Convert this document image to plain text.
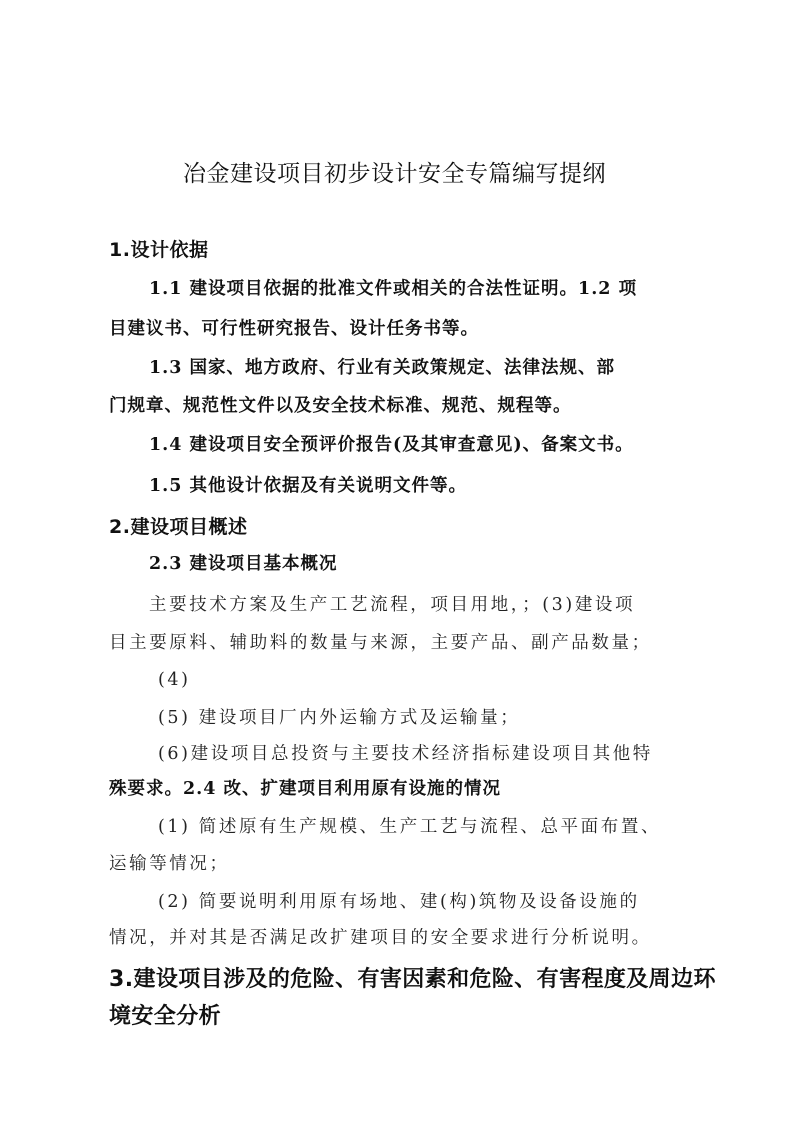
冶金建设项目初步设计安全专篇编写提纲
1.设计依据
1.1 建设项目依据的批准文件或相关的合法性证明。1.2 项
目建议书、可行性研究报告、设计任务书等。
1.3 国家、地方政府、行业有关政策规定、法律法规、部
门规章、规范性文件以及安全技术标准、规范、规程等。
1.4 建设项目安全预评价报告(及其审查意见)、备案文书。
1.5 其他设计依据及有关说明文件等。
2.建设项目概述
2.3 建设项目基本概况
主要技术方案及生产工艺流程，项目用地，；(3)建设项
目主要原料、辅助料的数量与来源，主要产品、副产品数量；
(4)
(5) 建设项目厂内外运输方式及运输量；
(6)建设项目总投资与主要技术经济指标建设项目其他特
殊要求。2.4 改、扩建项目利用原有设施的情况
(1) 简述原有生产规模、生产工艺与流程、总平面布置、
运输等情况；
(2) 简要说明利用原有场地、建(构)筑物及设备设施的
情况，并对其是否满足改扩建项目的安全要求进行分析说明。
3.建设项目涉及的危险、有害因素和危险、有害程度及周边环
境安全分析
